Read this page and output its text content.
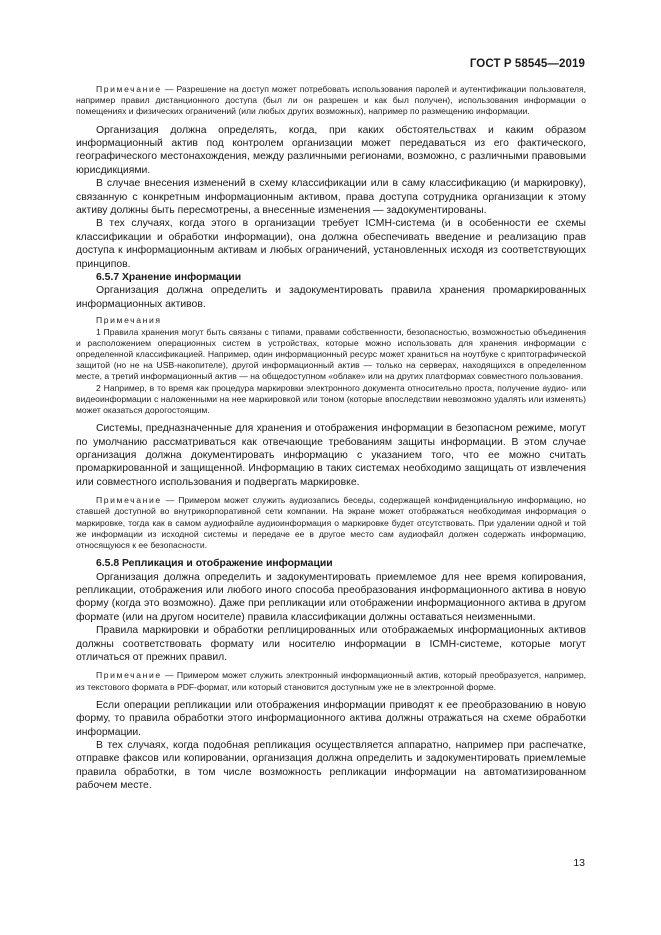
ГОСТ Р 58545—2019

Примечание — Разрешение на доступ может потребовать использования паролей и аутентификации пользователя, например правил дистанционного доступа (был ли он разрешен и как был получен), использования информации о помещениях и физических ограничений (или любых других возможных), например по размещению информации.

Организация должна определять, когда, при каких обстоятельствах и каким образом информационный актив под контролем организации может передаваться из его фактического, географического местонахождения, между различными регионами, возможно, с различными правовыми юрисдикциями.

В случае внесения изменений в схему классификации или в саму классификацию (и маркировку), связанную с конкретным информационным активом, права доступа сотрудника организации к этому активу должны быть пересмотрены, а внесенные изменения — задокументированы.

В тех случаях, когда этого в организации требует ICMH-система (и в особенности ее схемы классификации и обработки информации), она должна обеспечивать введение и реализацию прав доступа к информационным активам и любых ограничений, установленных исходя из соответствующих принципов.

6.5.7 Хранение информации

Организация должна определить и задокументировать правила хранения промаркированных информационных активов.

Примечания

1 Правила хранения могут быть связаны с типами, правами собственности, безопасностью, возможностью объединения и расположением операционных систем в устройствах, которые можно использовать для хранения информации с определенной классификацией. Например, один информационный ресурс может храниться на ноутбуке с криптографической защитой (но не на USB-накопителе), другой информационный актив — только на серверах, находящихся в определенном месте, а третий информационный актив — на общедоступном «облаке» или на других платформах совместного пользования.

2 Например, в то время как процедура маркировки электронного документа относительно проста, получение аудио- или видеоинформации с наложенными на нее маркировкой или тоном (которые впоследствии невозможно удалять или изменять) может оказаться дорогостоящим.

Системы, предназначенные для хранения и отображения информации в безопасном режиме, могут по умолчанию рассматриваться как отвечающие требованиям защиты информации. В этом случае организация должна документировать информацию с указанием того, что ее можно считать промаркированной и защищенной. Информацию в таких системах необходимо защищать от извлечения или совместного использования и подвергать маркировке.

Примечание — Примером может служить аудиозапись беседы, содержащей конфиденциальную информацию, но ставшей доступной во внутрикорпоративной сети компании. На экране может отображаться необходимая информация о маркировке, тогда как в самом аудиофайле аудиоинформация о маркировке будет отсутствовать. При удалении одной и той же информации из исходной системы и передаче ее в другое место сам аудиофайл должен содержать информацию, относящуюся к ее безопасности.

6.5.8 Репликация и отображение информации

Организация должна определить и задокументировать приемлемое для нее время копирования, репликации, отображения или любого иного способа преобразования информационного актива в новую форму (когда это возможно). Даже при репликации или отображении информационного актива в другом формате (или на другом носителе) правила классификации должны оставаться неизменными.

Правила маркировки и обработки реплицированных или отображаемых информационных активов должны соответствовать формату или носителю информации в ICMH-системе, которые могут отличаться от прежних правил.

Примечание — Примером может служить электронный информационный актив, который преобразуется, например, из текстового формата в PDF-формат, или который становится доступным уже не в электронной форме.

Если операции репликации или отображения информации приводят к ее преобразованию в новую форму, то правила обработки этого информационного актива должны отражаться на схеме обработки информации.

В тех случаях, когда подобная репликация осуществляется аппаратно, например при распечатке, отправке факсов или копировании, организация должна определить и задокументировать приемлемые правила обработки, в том числе возможность репликации информации на автоматизированном рабочем месте.

13
